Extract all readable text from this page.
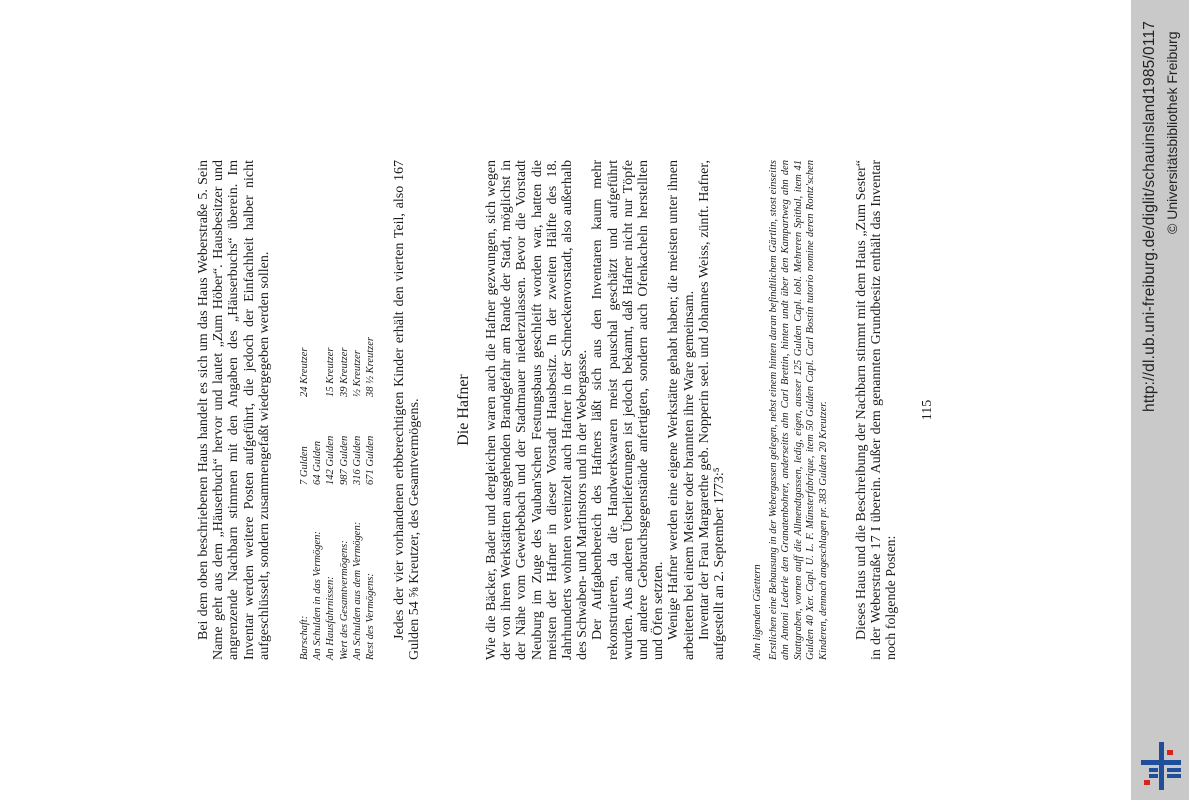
Bei dem oben beschriebenen Haus handelt es sich um das Haus Weberstraße 5. Sein Name geht aus dem „Häuserbuch“ hervor und lautet „Zum Höber“. Hausbesitzer und angrenzende Nachbarn stimmen mit den Angaben des „Häuserbuchs“ überein. Im Inventar werden weitere Posten aufgeführt, die jedoch der Einfachheit halber nicht aufgeschlüsselt, sondern zusammengefaßt wiedergegeben werden sollen.	Barschaft:
7 Gulden
24 Kreutzer
An Schulden in das Vermögen:
64 Gulden
An Hausfahrnissen:
142 Gulden
15 Kreutzer
Wert des Gesamtvermögens:
987 Gulden
39 Kreutzer
An Schulden aus dem Vermögen:
316 Gulden
½ Kreutzer
Rest des Vermögens:
671 Gulden
38 ½ Kreutzer Jedes der vier vorhandenen erbberechtigten Kinder erhält den vierten Teil, also 167 Gulden 54 ⅝ Kreutzer, des Gesamtvermögens. Die Hafner Wie die Bäcker, Bader und dergleichen waren auch die Hafner gezwungen, sich wegen der von ihren Werkstätten ausgehenden Brandgefahr am Rande der Stadt, möglichst in der Nähe vom Gewerbebach und der Stadtmauer niederzulassen. Bevor die Vorstadt Neuburg im Zuge des Vauban'schen Festungsbaus geschleift worden war, hatten die meisten der Hafner in dieser Vorstadt Hausbesitz. In der zweiten Hälfte des 18. Jahrhunderts wohnten vereinzelt auch Hafner in der Schneckenvorstadt, also außerhalb des Schwaben- und Martinstors und in der Webergasse. Der Aufgabenbereich des Hafners läßt sich aus den Inventaren kaum mehr rekonstruieren, da die Handwerkswaren meist pauschal geschätzt und aufgeführt wurden. Aus anderen Überlieferungen ist jedoch bekannt, daß Hafner nicht nur Töpfe und andere Gebrauchsgegenstände anfertigten, sondern auch Ofenkacheln herstellten und Öfen setzten. Wenige Hafner werden eine eigene Werkstätte gehabt haben; die meisten unter ihnen arbeiteten bei einem Meister oder brannten ihre Ware gemeinsam. Inventar der Frau Margarethe geb. Nopperin seel. und Johannes Weiss, zünft. Hafner, aufgestellt an 2. September 1773:⁵ Ahn ligenden Güettern Erstlichen eine Behausung in der Webergassen gelegen, nebst einem hinten daran befindtlichem Gärtlin, stost einseitts ahn Antoni Lederle den Granatenbohrer, anderseitts ahn Carl Brettin, hinten undt über den Kampartweg ahn den Stattgraben, vornen auff die Allmendtgassen, ledig, eigen, ausser 125 Gulden Capl. lobl. Mehreren Spithal, item 41 Gulden 40 Xer. Capl. U. L. F. Münsterfabrique, item 50 Gulden Capl. Carl Bostin tutorio nomine deren Rontz'schen Kinderen, dennach angeschlagen pr. 383 Gulden 20 Kreutzer. Dieses Haus und die Beschreibung der Nachbarn stimmt mit dem Haus „Zum Sester“ in der Weberstraße 17 I überein. Außer dem genannten Grundbesitz enthält das Inventar noch folgende Posten:

115	http://dl.ub.uni-freiburg.de/diglit/schauinsland1985/0117 © Universitätsbibliothek Freiburg
